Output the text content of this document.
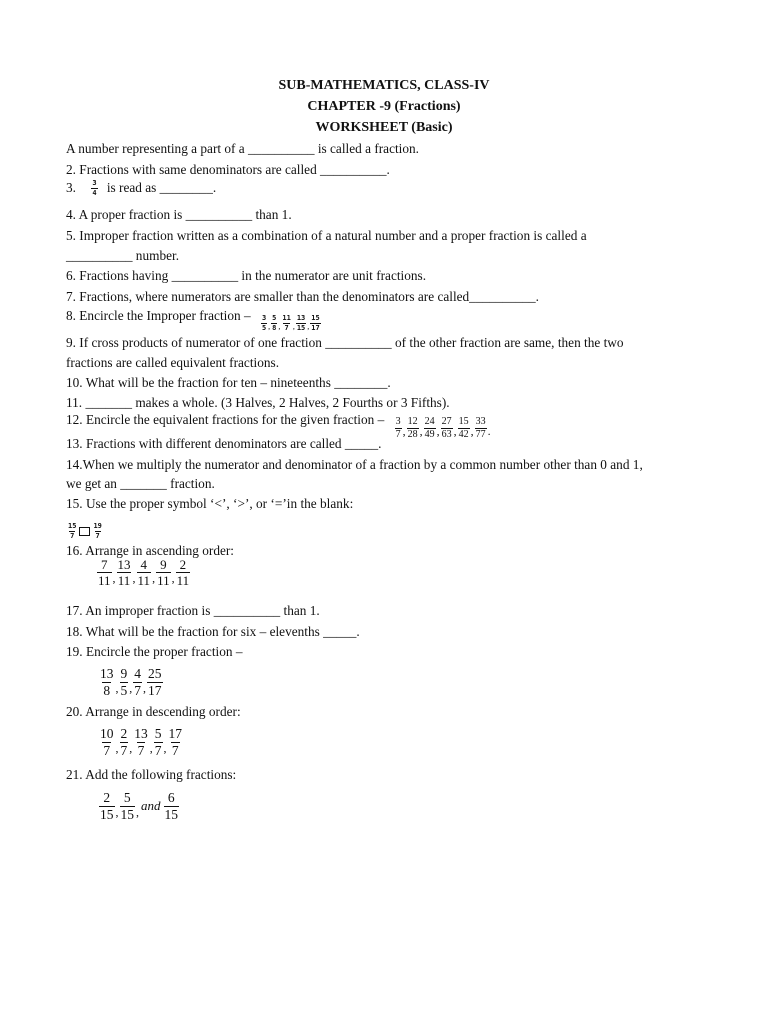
SUB-MATHEMATICS, CLASS-IV
CHAPTER -9 (Fractions)
WORKSHEET (Basic)
A number representing a part of a __________ is called a fraction.
2. Fractions with same denominators are called __________.
3. $\frac{3}{4}$ is read as ________.
4. A proper fraction is __________ than 1.
5. Improper fraction written as a combination of a natural number and a proper fraction is called a
__________ number.
6. Fractions having __________ in the numerator are unit fractions.
7. Fractions, where numerators are smaller than the denominators are called__________.
8. Encircle the Improper fraction – $\frac{3}{5}$ , $\frac{5}{8}$ , $\frac{11}{7}$ , $\frac{13}{15}$ , $\frac{15}{17}$
9. If cross products of numerator of one fraction __________ of the other fraction are same, then the two
fractions are called equivalent fractions.
10. What will be the fraction for ten – nineteenths ________.
11. _______ makes a whole. (3 Halves, 2 Halves, 2 Fourths or 3 Fifths).
12. Encircle the equivalent fractions for the given fraction – $\frac{3}{7}$ , $\frac{12}{28}$ , $\frac{24}{49}$ , $\frac{27}{63}$ , $\frac{15}{42}$ , $\frac{33}{77}$ .
13. Fractions with different denominators are called _____.
14.When we multiply the numerator and denominator of a fraction by a common number other than 0 and 1,
we get an _______ fraction.
15. Use the proper symbol ‘<’, ‘>’, or ‘=’in the blank:
$\frac{15}{7} \frac{19}{7}$
16. Arrange in ascending order:
$\frac{7}{11}$ , $\frac{13}{11}$ , $\frac{4}{11}$ , $\frac{9}{11}$ , $\frac{2}{11}$
17. An improper fraction is __________ than 1.
18. What will be the fraction for six – elevenths _____.
19. Encircle the proper fraction –
$\frac{13}{8}$ , $\frac{9}{5}$ , $\frac{4}{7}$ , $\frac{25}{17}$
20. Arrange in descending order:
$\frac{10}{7}$ , $\frac{2}{7}$ , $\frac{13}{7}$ , $\frac{5}{7}$ , $\frac{17}{7}$
21. Add the following fractions:
$\frac{2}{15}$ , $\frac{5}{15}$ , and $\frac{6}{15}$
